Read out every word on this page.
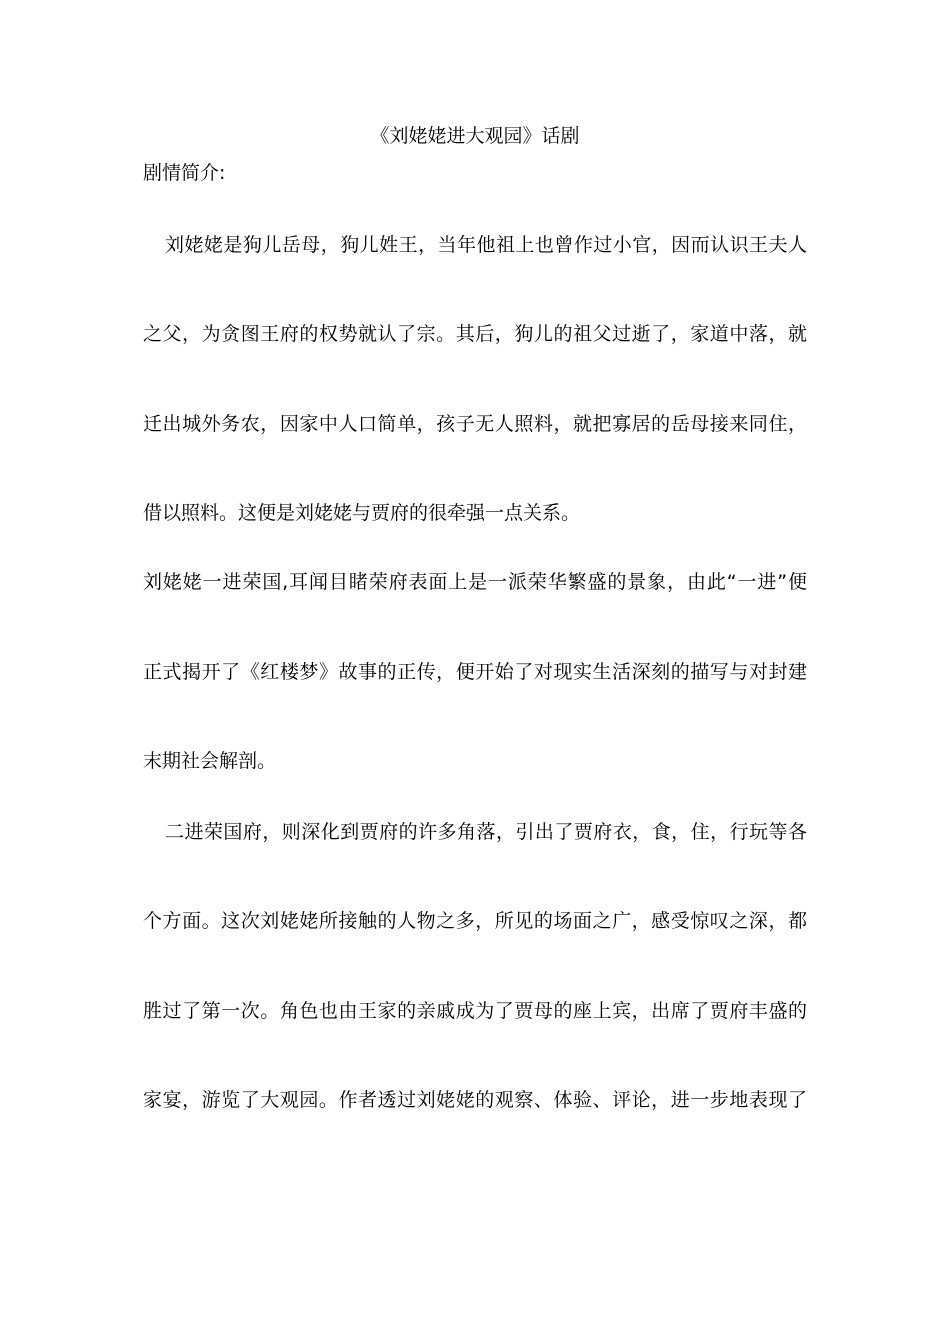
《刘姥姥进大观园》话剧
剧情简介:
刘姥姥是狗儿岳母，狗儿姓王，当年他祖上也曾作过小官，因而认识王夫人
之父，为贪图王府的权势就认了宗。其后，狗儿的祖父过逝了，家道中落，就
迁出城外务农，因家中人口简单，孩子无人照料，就把寡居的岳母接来同住，
借以照料。这便是刘姥姥与贾府的很牵强一点关系。
刘姥姥一进荣国,耳闻目睹荣府表面上是一派荣华繁盛的景象，由此“一进”便
正式揭开了《红楼梦》故事的正传，便开始了对现实生活深刻的描写与对封建
末期社会解剖。
二进荣国府，则深化到贾府的许多角落，引出了贾府衣，食，住，行玩等各
个方面。这次刘姥姥所接触的人物之多，所见的场面之广，感受惊叹之深，都
胜过了第一次。角色也由王家的亲戚成为了贾母的座上宾，出席了贾府丰盛的
家宴，游览了大观园。作者透过刘姥姥的观察、体验、评论，进一步地表现了
